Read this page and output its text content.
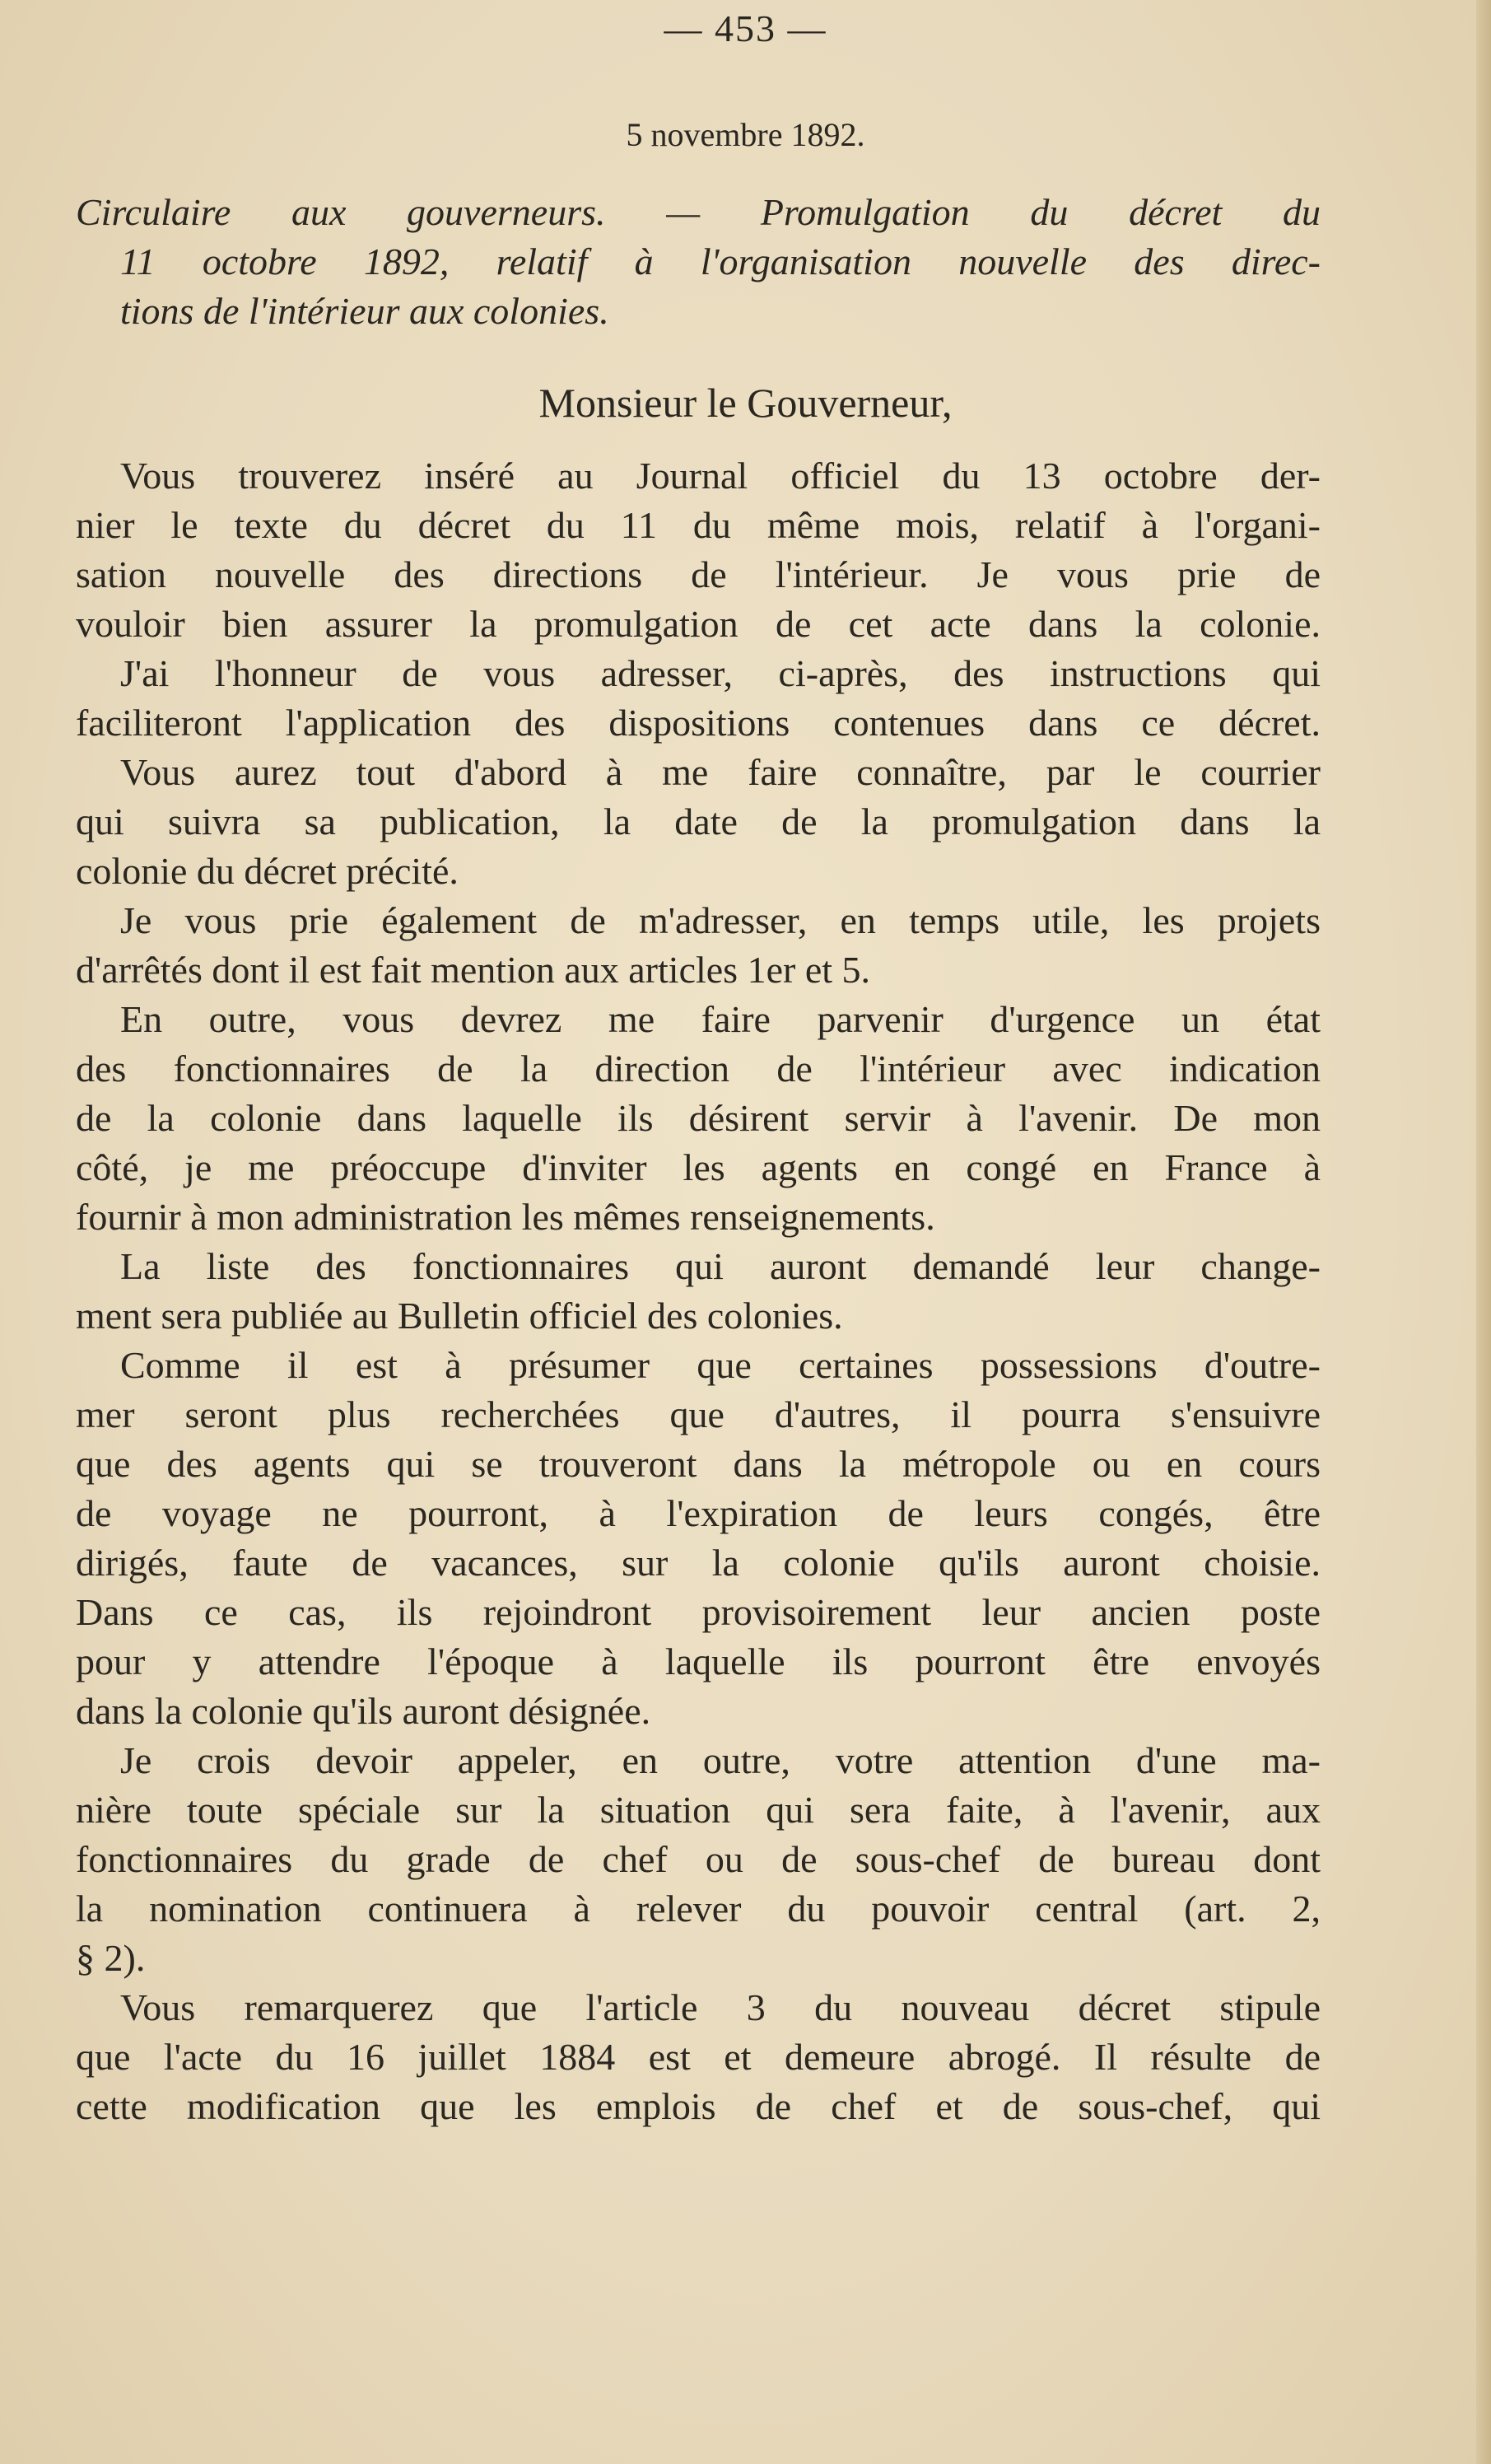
— 453 —
5 novembre 1892.
Circulaire aux gouverneurs. — Promulgation du décret du
11 octobre 1892, relatif à l'organisation nouvelle des direc-
tions de l'intérieur aux colonies.
Monsieur le Gouverneur,
Vous trouverez inséré au Journal officiel du 13 octobre der-
nier le texte du décret du 11 du même mois, relatif à l'organi-
sation nouvelle des directions de l'intérieur. Je vous prie de
vouloir bien assurer la promulgation de cet acte dans la colonie.
J'ai l'honneur de vous adresser, ci-après, des instructions qui
faciliteront l'application des dispositions contenues dans ce décret.
Vous aurez tout d'abord à me faire connaître, par le courrier
qui suivra sa publication, la date de la promulgation dans la
colonie du décret précité.
Je vous prie également de m'adresser, en temps utile, les projets
d'arrêtés dont il est fait mention aux articles 1er et 5.
En outre, vous devrez me faire parvenir d'urgence un état
des fonctionnaires de la direction de l'intérieur avec indication
de la colonie dans laquelle ils désirent servir à l'avenir. De mon
côté, je me préoccupe d'inviter les agents en congé en France à
fournir à mon administration les mêmes renseignements.
La liste des fonctionnaires qui auront demandé leur change-
ment sera publiée au Bulletin officiel des colonies.
Comme il est à présumer que certaines possessions d'outre-
mer seront plus recherchées que d'autres, il pourra s'ensuivre
que des agents qui se trouveront dans la métropole ou en cours
de voyage ne pourront, à l'expiration de leurs congés, être
dirigés, faute de vacances, sur la colonie qu'ils auront choisie.
Dans ce cas, ils rejoindront provisoirement leur ancien poste
pour y attendre l'époque à laquelle ils pourront être envoyés
dans la colonie qu'ils auront désignée.
Je crois devoir appeler, en outre, votre attention d'une ma-
nière toute spéciale sur la situation qui sera faite, à l'avenir, aux
fonctionnaires du grade de chef ou de sous-chef de bureau dont
la nomination continuera à relever du pouvoir central (art. 2,
§ 2).
Vous remarquerez que l'article 3 du nouveau décret stipule
que l'acte du 16 juillet 1884 est et demeure abrogé. Il résulte de
cette modification que les emplois de chef et de sous-chef, qui
